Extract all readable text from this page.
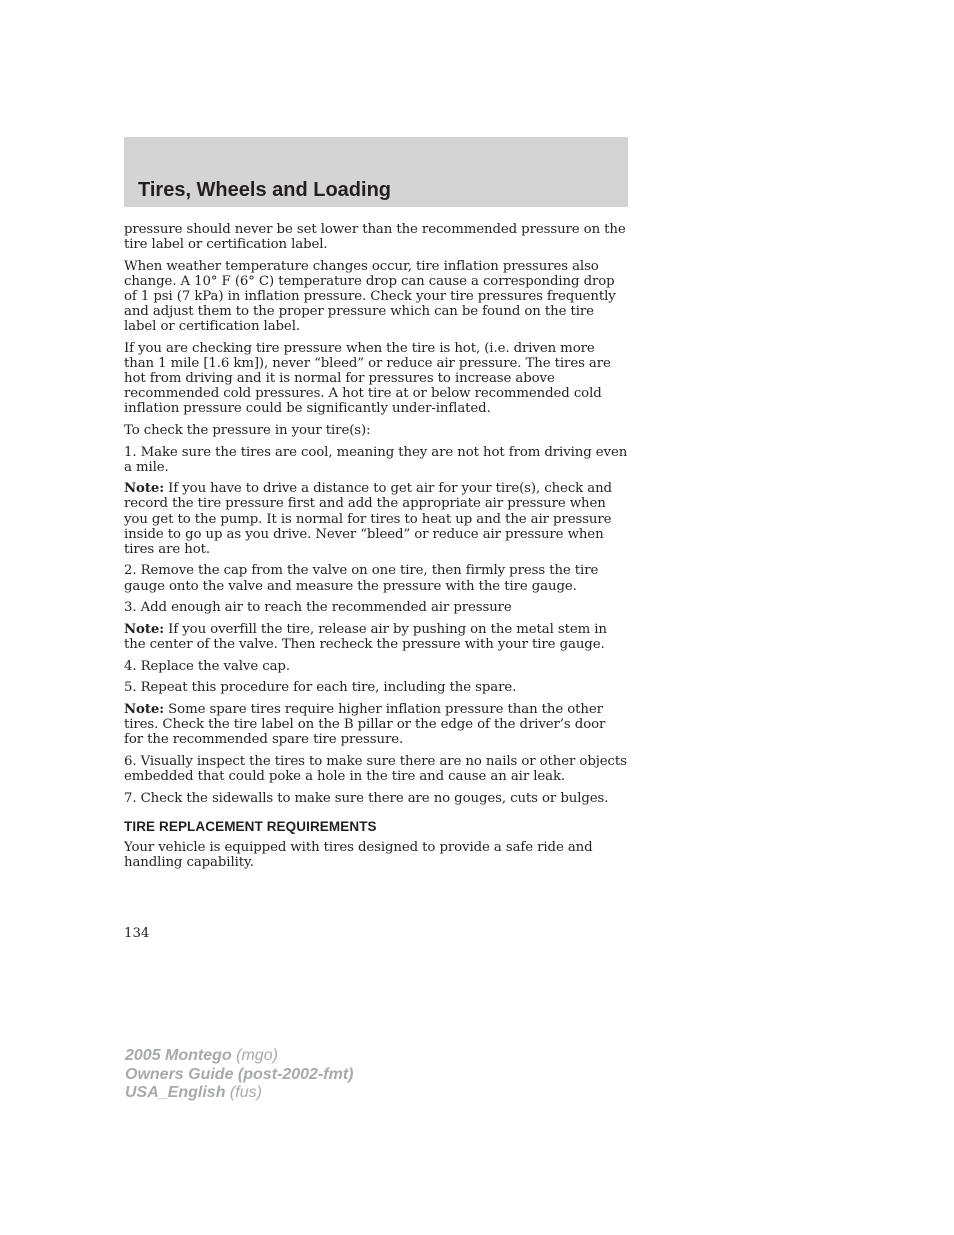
Tires, Wheels and Loading

pressure should never be set lower than the recommended pressure on the tire label or certification label.

When weather temperature changes occur, tire inflation pressures also change. A 10° F (6° C) temperature drop can cause a corresponding drop of 1 psi (7 kPa) in inflation pressure. Check your tire pressures frequently and adjust them to the proper pressure which can be found on the tire label or certification label.

If you are checking tire pressure when the tire is hot, (i.e. driven more than 1 mile [1.6 km]), never “bleed” or reduce air pressure. The tires are hot from driving and it is normal for pressures to increase above recommended cold pressures. A hot tire at or below recommended cold inflation pressure could be significantly under-inflated.

To check the pressure in your tire(s):

1. Make sure the tires are cool, meaning they are not hot from driving even a mile.

Note: If you have to drive a distance to get air for your tire(s), check and record the tire pressure first and add the appropriate air pressure when you get to the pump. It is normal for tires to heat up and the air pressure inside to go up as you drive. Never “bleed” or reduce air pressure when tires are hot.

2. Remove the cap from the valve on one tire, then firmly press the tire gauge onto the valve and measure the pressure with the tire gauge.

3. Add enough air to reach the recommended air pressure

Note: If you overfill the tire, release air by pushing on the metal stem in the center of the valve. Then recheck the pressure with your tire gauge.

4. Replace the valve cap.

5. Repeat this procedure for each tire, including the spare.

Note: Some spare tires require higher inflation pressure than the other tires. Check the tire label on the B pillar or the edge of the driver’s door for the recommended spare tire pressure.

6. Visually inspect the tires to make sure there are no nails or other objects embedded that could poke a hole in the tire and cause an air leak.

7. Check the sidewalls to make sure there are no gouges, cuts or bulges.

TIRE REPLACEMENT REQUIREMENTS

Your vehicle is equipped with tires designed to provide a safe ride and handling capability.

134
2005 Montego (mgo)
Owners Guide (post-2002-fmt)
USA_English (fus)
